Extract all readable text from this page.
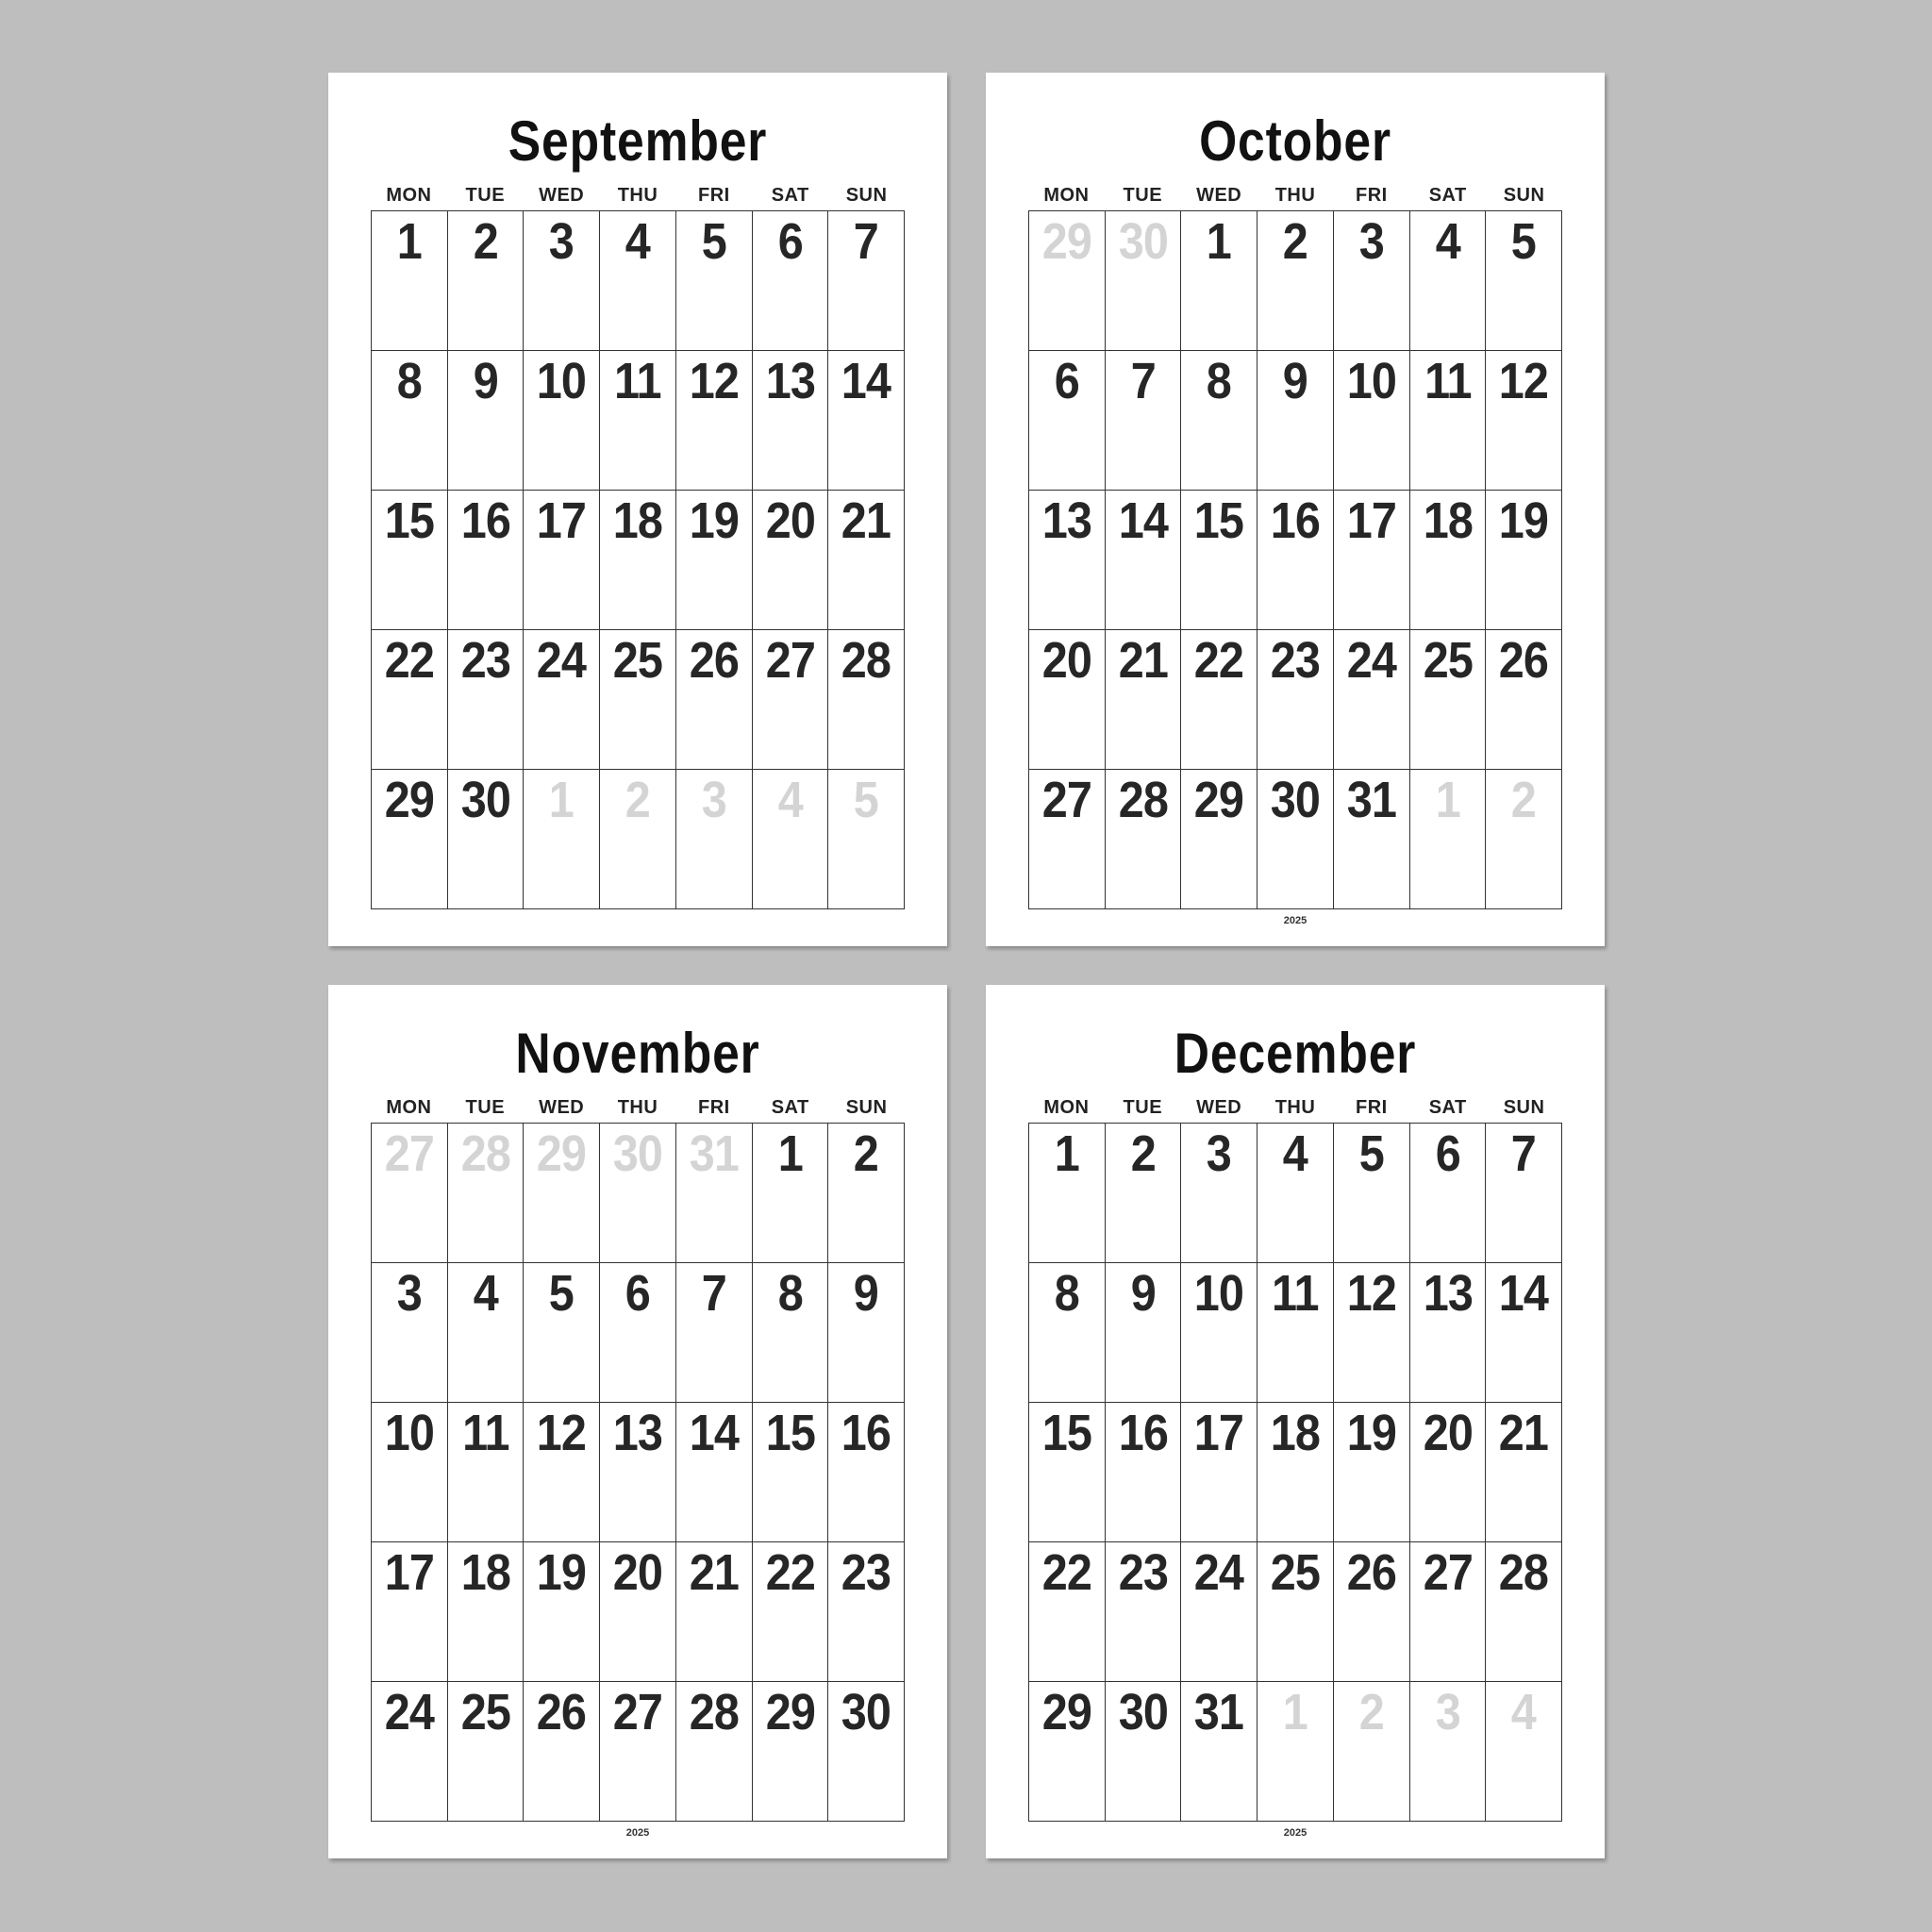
September
MON	TUE	WED	THU	FRI	SAT	SUN
1	2	3	4	5	6	7
8	9 10 11 12 13 14
15 16 17 18 19 20 21
22 23 24 25 26 27 28
29 30 1	2	3	4	5
October
MON	TUE	WED	THU	FRI	SAT	SUN
29 30 1	2	3	4	5
6	7	8	9 10 11 12
13 14 15 16 17 18 19
20 21 22 23 24 25 26
27 28 29 30 31 1	2
2025
November
MON	TUE	WED	THU	FRI	SAT	SUN
27 28 29 30 31 1	2
3	4	5	6	7	8	9
10 11 12 13 14 15 16
17 18 19 20 21 22 23
24 25 26 27 28 29 30
2025
December
MON	TUE	WED	THU	FRI	SAT	SUN
1	2	3	4	5	6	7
8	9 10 11 12 13 14
15 16 17 18 19 20 21
22 23 24 25 26 27 28
29 30 31 1	2	3	4
2025
